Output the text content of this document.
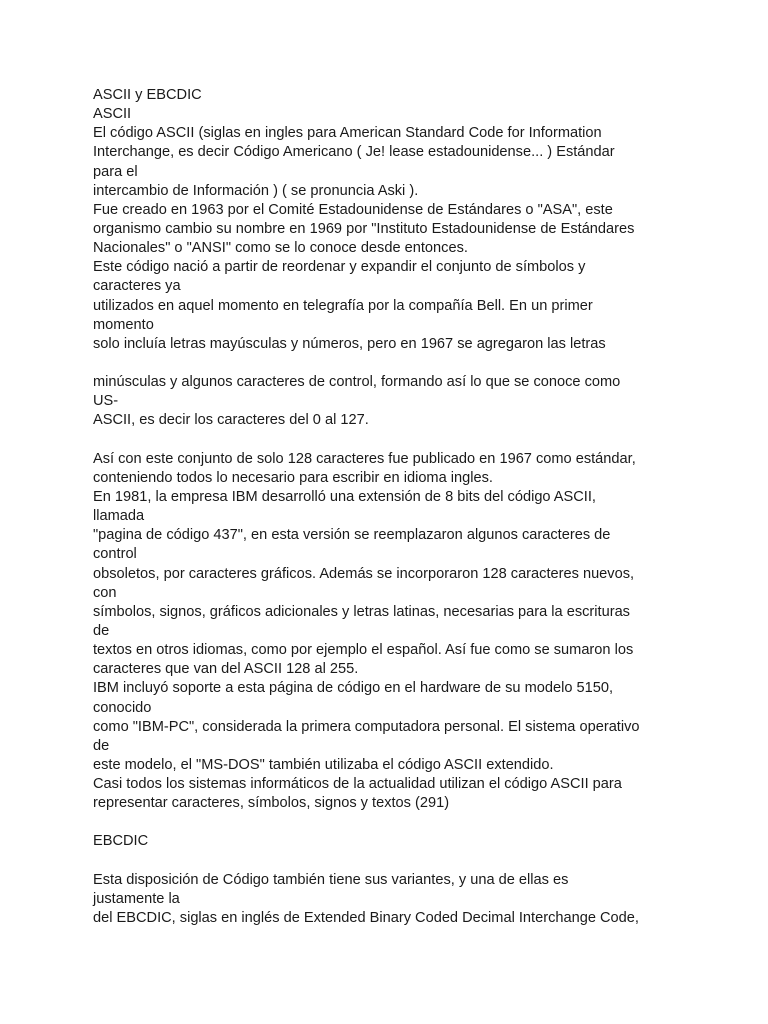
ASCII y EBCDIC
ASCII
El código ASCII (siglas en ingles para American Standard Code for Information
Interchange, es decir Código Americano ( Je! lease estadounidense... ) Estándar
para el
intercambio de Información ) ( se pronuncia Aski ).
Fue creado en 1963 por el Comité Estadounidense de Estándares o "ASA", este
organismo cambio su nombre en 1969 por "Instituto Estadounidense de Estándares
Nacionales" o "ANSI" como se lo conoce desde entonces.
Este código nació a partir de reordenar y expandir el conjunto de símbolos y
caracteres ya
utilizados en aquel momento en telegrafía por la compañía Bell. En un primer
momento
solo incluía letras mayúsculas y números, pero en 1967 se agregaron las letras
minúsculas y algunos caracteres de control, formando así lo que se conoce como
US-
ASCII, es decir los caracteres del 0 al 127.
Así con este conjunto de solo 128 caracteres fue publicado en 1967 como estándar,
conteniendo todos lo necesario para escribir en idioma ingles.
En 1981, la empresa IBM desarrolló una extensión de 8 bits del código ASCII,
llamada
"pagina de código 437", en esta versión se reemplazaron algunos caracteres de
control
obsoletos, por caracteres gráficos. Además se incorporaron 128 caracteres nuevos,
con
símbolos, signos, gráficos adicionales y letras latinas, necesarias para la escrituras
de
textos en otros idiomas, como por ejemplo el español. Así fue como se sumaron los
caracteres que van del ASCII 128 al 255.
IBM incluyó soporte a esta página de código en el hardware de su modelo 5150,
conocido
como "IBM-PC", considerada la primera computadora personal. El sistema operativo
de
este modelo, el "MS-DOS" también utilizaba el código ASCII extendido.
Casi todos los sistemas informáticos de la actualidad utilizan el código ASCII para
representar caracteres, símbolos, signos y textos (291)
EBCDIC
Esta disposición de Código también tiene sus variantes, y una de ellas es
justamente la
del EBCDIC, siglas en inglés de Extended Binary Coded Decimal Interchange Code,
